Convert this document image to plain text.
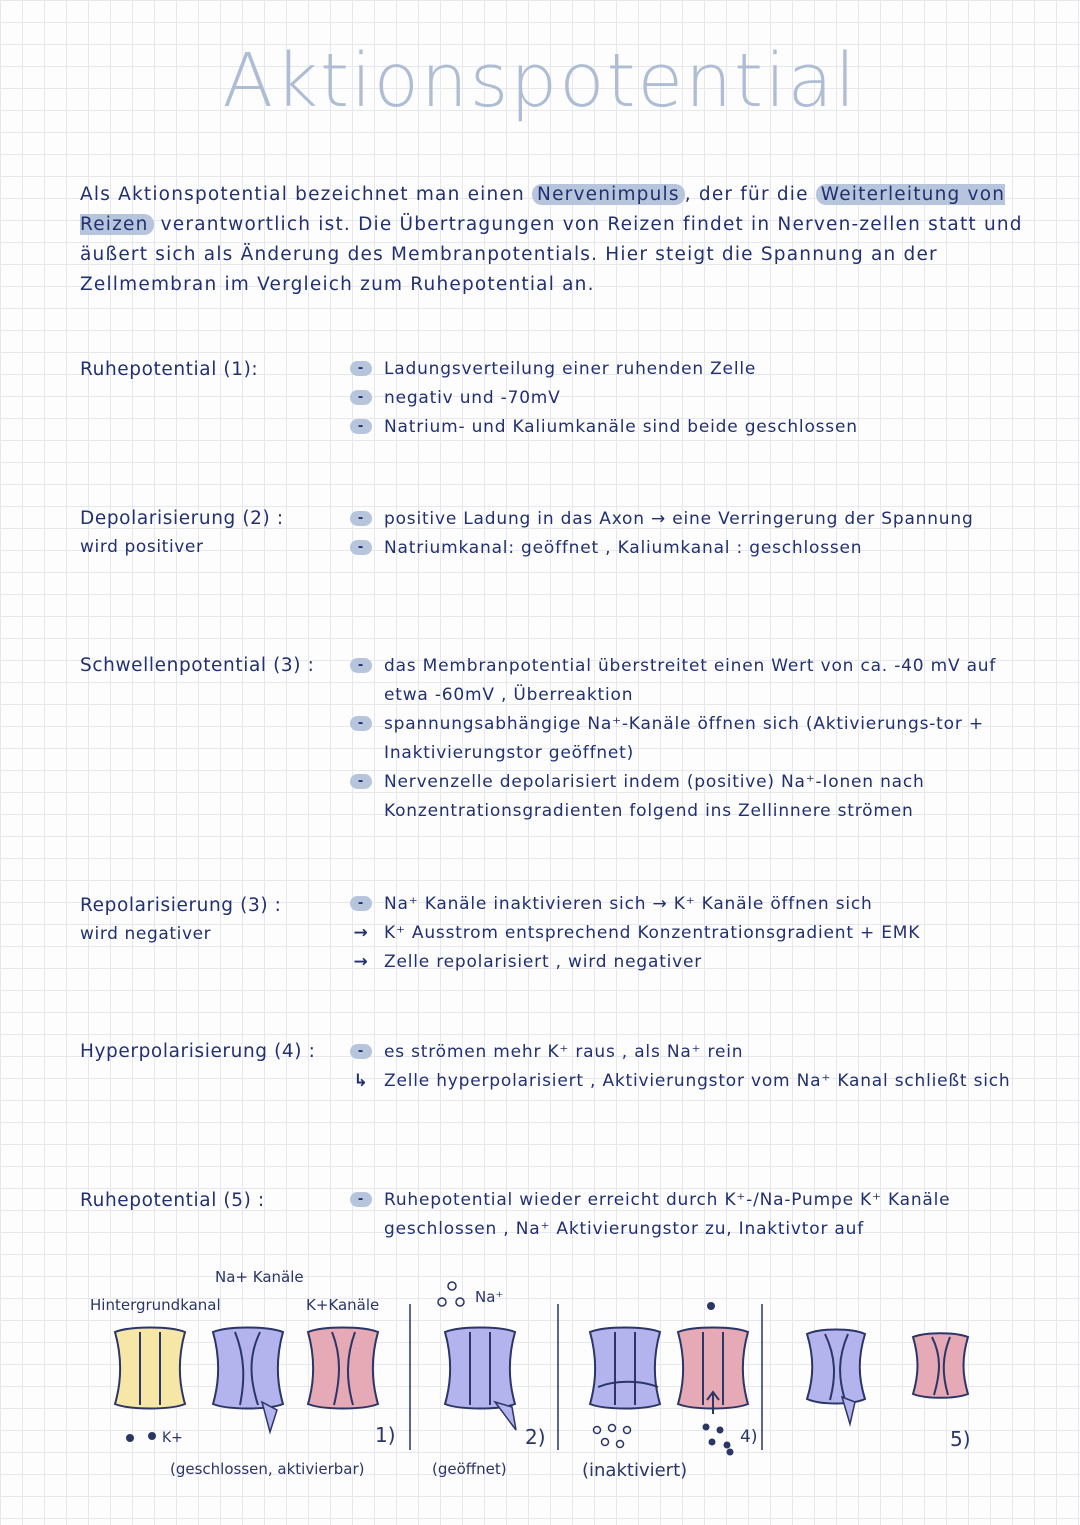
Aktionspotential
Als Aktionspotential bezeichnet man einen Nervenimpuls , der für die Weiterleitung von Reizen verantwortlich ist. Die Übertragungen von Reizen findet in Nerven-zellen statt und äußert sich als Änderung des Membranpotentials. Hier steigt die Spannung an der Zellmembran im Vergleich zum Ruhepotential an.
Ruhepotential (1):	-	Ladungsverteilung einer ruhenden Zelle
-	negativ und -70mV
-	Natrium- und Kaliumkanäle sind beide geschlossen
Depolarisierung (2) :
wird positiver
-	positive Ladung in das Axon → eine Verringerung der Spannung
-	Natriumkanal: geöffnet , Kaliumkanal : geschlossen
Schwellenpotential (3) :	-	das Membranpotential überstreitet einen Wert von ca. -40 mV auf etwa -60mV , Überreaktion
-	spannungsabhängige Na⁺-Kanäle öffnen sich (Aktivierungs-tor + Inaktivierungstor geöffnet)
-	Nervenzelle depolarisiert indem (positive) Na⁺-Ionen nach Konzentrationsgradienten folgend ins Zellinnere strömen
Repolarisierung (3) :
wird negativer
-	Na⁺ Kanäle inaktivieren sich → K⁺ Kanäle öffnen sich
→ K⁺ Ausstrom entsprechend Konzentrationsgradient + EMK
→ Zelle repolarisiert , wird negativer
Hyperpolarisierung (4) :	-	es strömen mehr K⁺ raus , als Na⁺ rein
↳ Zelle hyperpolarisiert , Aktivierungstor vom Na⁺ Kanal schließt sich
Ruhepotential (5) :	-	Ruhepotential wieder erreicht durch K⁺-/Na-Pumpe K⁺ Kanäle geschlossen , Na⁺ Aktivierungstor zu, Inaktivtor auf
Na+ Kanäle
Hintergrundkanal	K+Kanäle
K+	1)
(geschlossen, aktivierbar)
Na⁺
2)
(geöffnet)	(inaktiviert)
4)	5)
